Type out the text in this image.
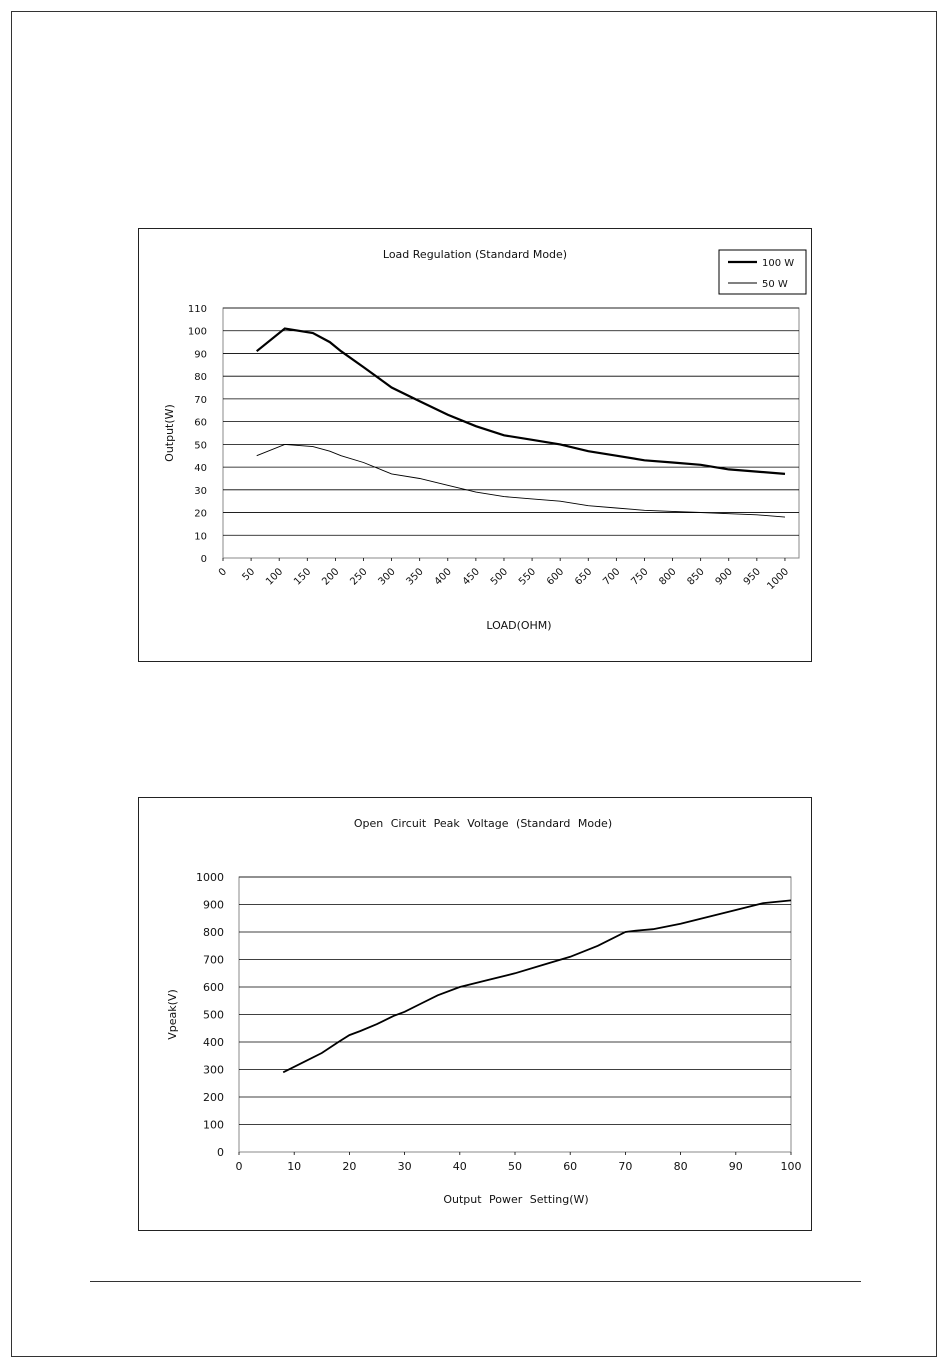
Load Regulation (Standard Mode)
0
10
20
30
40
50
60
70
80
90
100
110
0 50 100 150 200 250 300 350 400 450 500 550 600 650 700 750 800 850 900 950 1000
Output(W)
LOAD(OHM)
100 W
50 W
Open Circuit Peak Voltage (Standard Mode)
0
100
200
300
400
500
600
700
800
900
1000
0	10	20	30	40	50	60	70	80	90	100
Vpeak(V)
Output Power Setting(W)
